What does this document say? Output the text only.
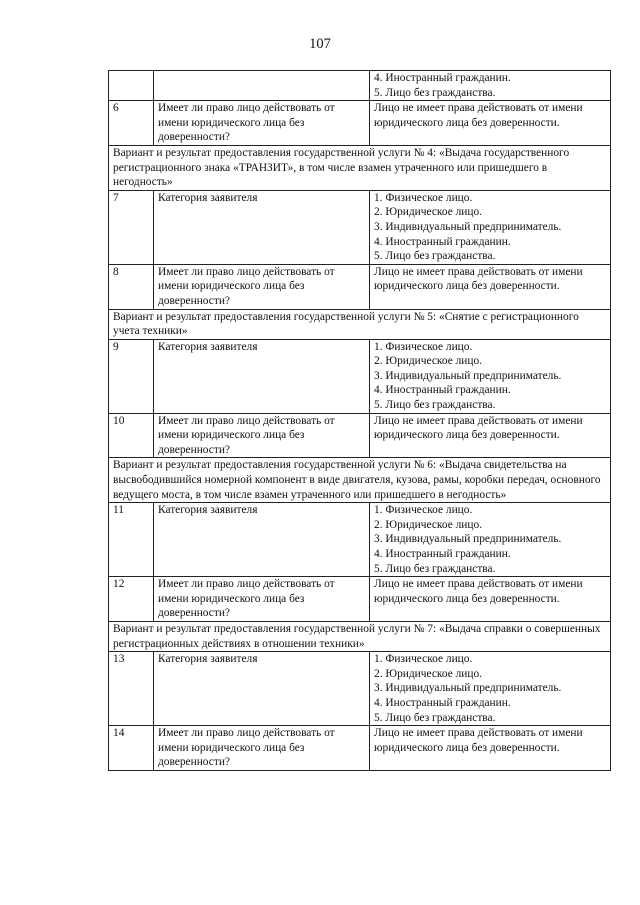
107

		4. Иностранный гражданин.
5. Лицо без гражданства.

6	Имеет ли право лицо действовать от имени юридического лица без доверенности?	Лицо не имеет права действовать от имени юридического лица без доверенности.

Вариант и результат предоставления государственной услуги № 4: «Выдача государственного регистрационного знака «ТРАНЗИТ», в том числе взамен утраченного или пришедшего в негодность»		
7	Категория заявителя	1. Физическое лицо.
2. Юридическое лицо.
3. Индивидуальный предприниматель.
4. Иностранный гражданин.
5. Лицо без гражданства.

8	Имеет ли право лицо действовать от имени юридического лица без доверенности?	Лицо не имеет права действовать от имени юридического лица без доверенности.

Вариант и результат предоставления государственной услуги № 5: «Снятие с регистрационного учета техники»		
9	Категория заявителя	1. Физическое лицо.
2. Юридическое лицо.
3. Индивидуальный предприниматель.
4. Иностранный гражданин.
5. Лицо без гражданства.

10	Имеет ли право лицо действовать от имени юридического лица без доверенности?	Лицо не имеет права действовать от имени юридического лица без доверенности.

Вариант и результат предоставления государственной услуги № 6: «Выдача свидетельства на высвободившийся номерной компонент в виде двигателя, кузова, рамы, коробки передач, основного ведущего моста, в том числе взамен утраченного или пришедшего в негодность»		
11	Категория заявителя	1. Физическое лицо.
2. Юридическое лицо.
3. Индивидуальный предприниматель.
4. Иностранный гражданин.
5. Лицо без гражданства.

12	Имеет ли право лицо действовать от имени юридического лица без доверенности?	Лицо не имеет права действовать от имени юридического лица без доверенности.

Вариант и результат предоставления государственной услуги № 7: «Выдача справки о совершенных регистрационных действиях в отношении техники»		
13	Категория заявителя	1. Физическое лицо.
2. Юридическое лицо.
3. Индивидуальный предприниматель.
4. Иностранный гражданин.
5. Лицо без гражданства.

14	Имеет ли право лицо действовать от имени юридического лица без доверенности?	Лицо не имеет права действовать от имени юридического лица без доверенности.
